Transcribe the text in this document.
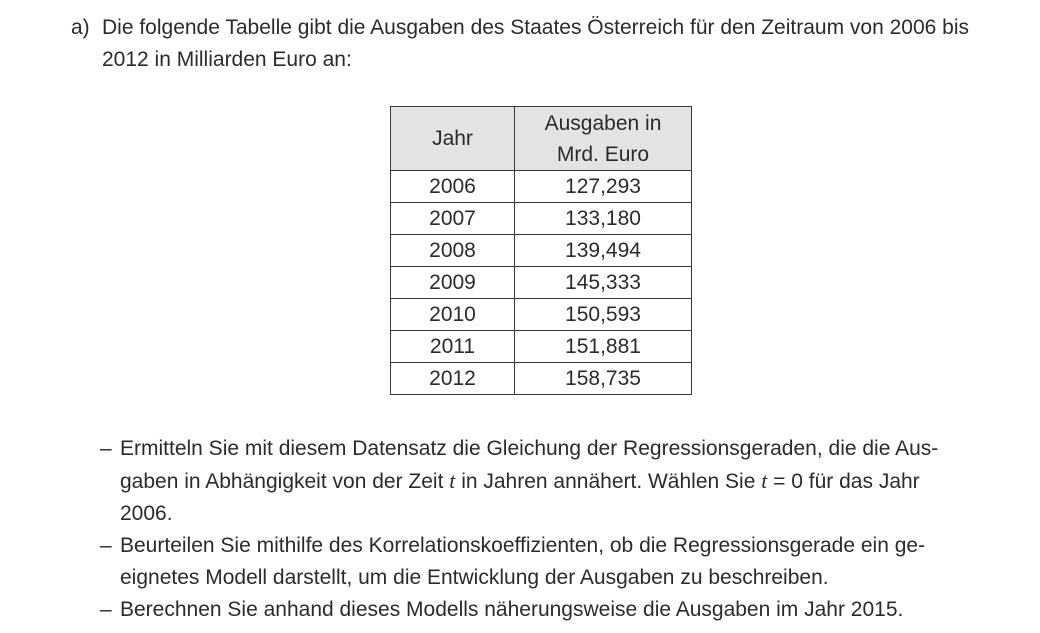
a) Die folgende Tabelle gibt die Ausgaben des Staates Österreich für den Zeitraum von 2006 bis 2012 in Milliarden Euro an:
Jahr	Ausgaben in
Mrd. Euro
2006	127,293
2007	133,180
2008	139,494
2009	145,333
2010	150,593
2011	151,881
2012	158,735
– Ermitteln Sie mit diesem Datensatz die Gleichung der Regressionsgeraden, die die Aus-
gaben in Abhängigkeit von der Zeit t in Jahren annähert. Wählen Sie t = 0 für das Jahr
2006.
– Beurteilen Sie mithilfe des Korrelationskoeffizienten, ob die Regressionsgerade ein ge-
eignetes Modell darstellt, um die Entwicklung der Ausgaben zu beschreiben.
– Berechnen Sie anhand dieses Modells näherungsweise die Ausgaben im Jahr 2015.
